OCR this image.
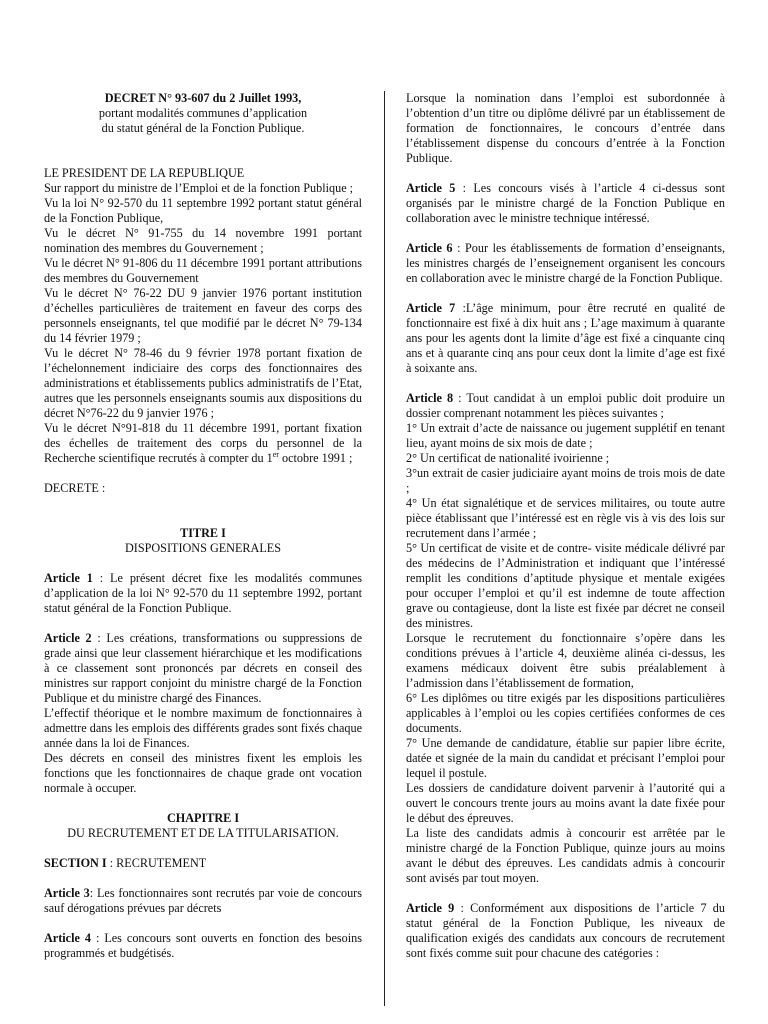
DECRET N° 93-607 du 2 Juillet 1993,

portant modalités communes d’application

du statut général de la Fonction Publique.

LE PRESIDENT DE LA REPUBLIQUE

Sur rapport du ministre de l’Emploi et de la fonction Publique ;

Vu la loi N° 92-570 du 11 septembre 1992 portant statut général de la Fonction Publique,

Vu le décret N° 91-755 du 14 novembre 1991 portant nomination des membres du Gouvernement ;

Vu le décret N° 91-806 du 11 décembre 1991 portant attributions des membres du Gouvernement

Vu le décret N° 76-22 DU 9 janvier 1976 portant institution d’échelles particulières de traitement en faveur des corps des personnels enseignants, tel que modifié par le décret N° 79-134 du 14 février 1979 ;

Vu le décret N° 78-46 du 9 février 1978 portant fixation de l’échelonnement indiciaire des corps des fonctionnaires des administrations et établissements publics administratifs de l’Etat, autres que les personnels enseignants soumis aux dispositions du décret N°76-22 du 9 janvier 1976 ;

Vu le décret N°91-818 du 11 décembre 1991, portant fixation des échelles de traitement des corps du personnel de la Recherche scientifique recrutés à compter du 1er octobre 1991 ;

DECRETE :

TITRE I

DISPOSITIONS GENERALES

Article 1 : Le présent décret fixe les modalités communes d’application de la loi N° 92-570 du 11 septembre 1992, portant statut général de la Fonction Publique.

Article 2 : Les créations, transformations ou suppressions de grade ainsi que leur classement hiérarchique et les modifications à ce classement sont prononcés par décrets en conseil des ministres sur rapport conjoint du ministre chargé de la Fonction Publique et du ministre chargé des Finances.

L’effectif théorique et le nombre maximum de fonctionnaires à admettre dans les emplois des différents grades sont fixés chaque année dans la loi de Finances.

Des décrets en conseil des ministres fixent les emplois les fonctions que les fonctionnaires de chaque grade ont vocation normale à occuper.

CHAPITRE I

DU RECRUTEMENT ET DE LA TITULARISATION.

SECTION I : RECRUTEMENT

Article 3: Les fonctionnaires sont recrutés par voie de concours sauf dérogations prévues par décrets

Article 4 : Les concours sont ouverts en fonction des besoins programmés et budgétisés.

Lorsque la nomination dans l’emploi est subordonnée à l’obtention d’un titre ou diplôme délivré par un établissement de formation de fonctionnaires, le concours d’entrée dans l’établissement dispense du concours d’entrée à la Fonction Publique.

Article 5 : Les concours visés à l’article 4 ci-dessus sont organisés par le ministre chargé de la Fonction Publique en collaboration avec le ministre technique intéressé.

Article 6 : Pour les établissements de formation d’enseignants, les ministres chargés de l’enseignement organisent les concours en collaboration avec le ministre chargé de la Fonction Publique.

Article 7 :L’âge minimum, pour être recruté en qualité de fonctionnaire est fixé à dix huit ans ; L’age maximum à quarante ans pour les agents dont la limite d’âge est fixé a cinquante cinq ans et à quarante cinq ans pour ceux dont la limite d’age est fixé à soixante ans.

Article 8 : Tout candidat à un emploi public doit produire un dossier comprenant notamment les pièces suivantes ;

1° Un extrait d’acte de naissance ou jugement supplétif en tenant lieu, ayant moins de six mois de date ;

2° Un certificat de nationalité ivoirienne ;

3°un extrait de casier judiciaire ayant moins de trois mois de date ;

4° Un état signalétique et de services militaires, ou toute autre pièce établissant que l’intéressé est en règle vis à vis des lois sur recrutement dans l’armée ;

5° Un certificat de visite et de contre- visite médicale délivré par des médecins de l’Administration et indiquant que l’intéressé remplit les conditions d’aptitude physique et mentale exigées pour occuper l’emploi et qu’il est indemne de toute affection grave ou contagieuse, dont la liste est fixée par décret ne conseil des ministres.

Lorsque le recrutement du fonctionnaire s’opère dans les conditions prévues à l’article 4, deuxième alinéa ci-dessus, les examens médicaux doivent être subis préalablement à l’admission dans l’établissement de formation,

6° Les diplômes ou titre exigés par les dispositions particulières applicables à l’emploi ou les copies certifiées conformes de ces documents.

7° Une demande de candidature, établie sur papier libre écrite, datée et signée de la main du candidat et précisant l’emploi pour lequel il postule.

Les dossiers de candidature doivent parvenir à l’autorité qui a ouvert le concours trente jours au moins avant la date fixée pour le début des épreuves.

La liste des candidats admis à concourir est arrêtée par le ministre chargé de la Fonction Publique, quinze jours au moins avant le début des épreuves. Les candidats admis à concourir sont avisés par tout moyen.

Article 9 : Conformément aux dispositions de l’article 7 du statut général de la Fonction Publique, les niveaux de qualification exigés des candidats aux concours de recrutement sont fixés comme suit pour chacune des catégories :
